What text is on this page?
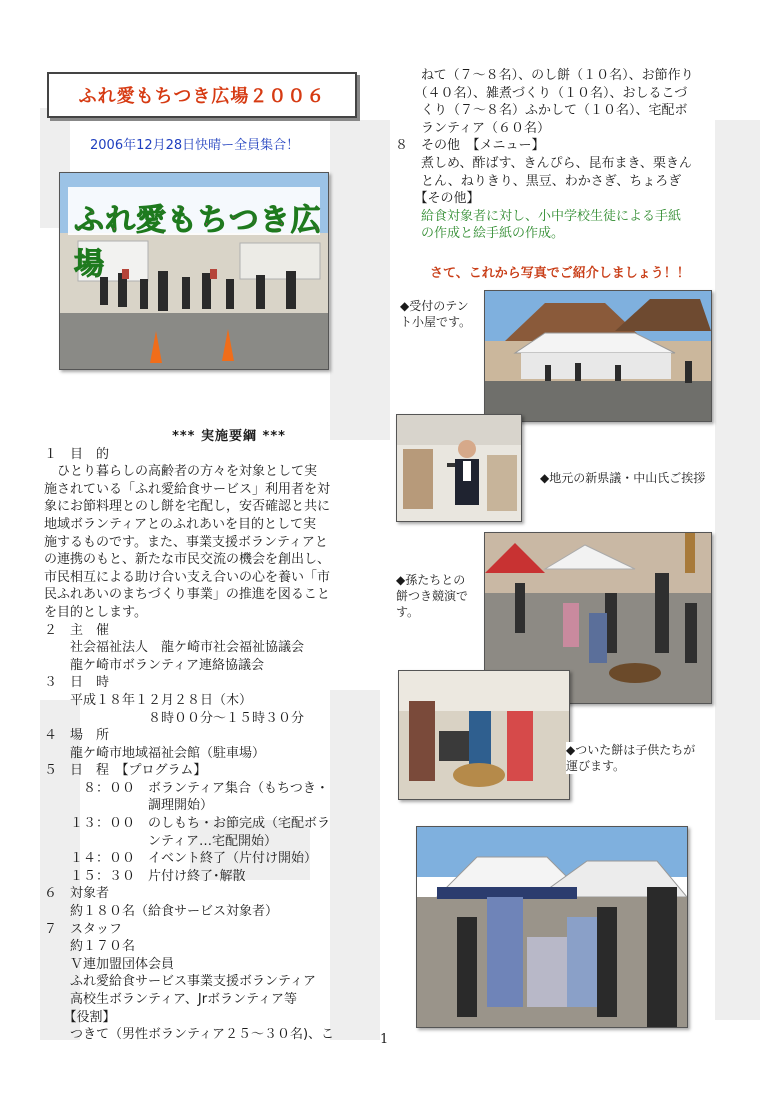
ふれ愛もちつき広場２００６
2006年12月28日快晴ー全員集合！
ふれ愛もちつき広場
*** 実施要綱 ***
１　目　的
　ひとり暮らしの高齢者の方々を対象として実
施されている「ふれ愛給食サービス」利用者を対
象にお節料理とのし餅を宅配し，安否確認と共に
地域ボランティアとのふれあいを目的として実
施するものです。また、事業支援ボランティアと
の連携のもと、新たな市民交流の機会を創出し、
市民相互による助け合い支え合いの心を養い「市
民ふれあいのまちづくり事業」の推進を図ること
を目的とします。
２　主　催
　　社会福祉法人　龍ケ崎市社会福祉協議会
　　龍ケ崎市ボランティア連絡協議会
３　日　時
　　平成１８年１２月２８日（木）
　　　　　　　　８時００分～１５時３０分
４　場　所
　　龍ケ崎市地域福祉会館（駐車場）
５　日　程　【プログラム】
　　　８：００　ボランティア集合（もちつき・
　　　　　　　　調理開始）
　　１３：００　のしもち・お節完成（宅配ボラ
　　　　　　　　ンティア…宅配開始）
　　１４：００　イベント終了（片付け開始）
　　１５：３０　片付け終了･解散
６　対象者
　　約１８０名（給食サービス対象者）
７　スタッフ
　　約１７０名
　　Ｖ連加盟団体会員
　　ふれ愛給食サービス事業支援ボランティア
　　高校生ボランティア、Jrボランティア等
　　【役割】
　　つきて（男性ボランティア２５～３０名)、こ
　　ねて（７～８名）、のし餅（１０名）、お節作り
　　（４０名）、雑煮づくり（１０名）、おしるこづ
　　くり（７～８名）ふかして（１０名）、宅配ボ
　　ランティア（６０名）
８　その他　【メニュー】
　　煮しめ、酢ばす、きんぴら、昆布まき、栗きん
　　とん、ねりきり、黒豆、わかさぎ、ちょろぎ
　　【その他】
　　給食対象者に対し、小中学校生徒による手紙
　　の作成と絵手紙の作成。
さて、これから写真でご紹介しましょう！！
◆受付のテン
ト小屋です。
◆地元の新県議・中山氏ご挨拶
◆孫たちとの
餅つき競演で
す。
◆ついた餅は子供たちが
運びます。
1
